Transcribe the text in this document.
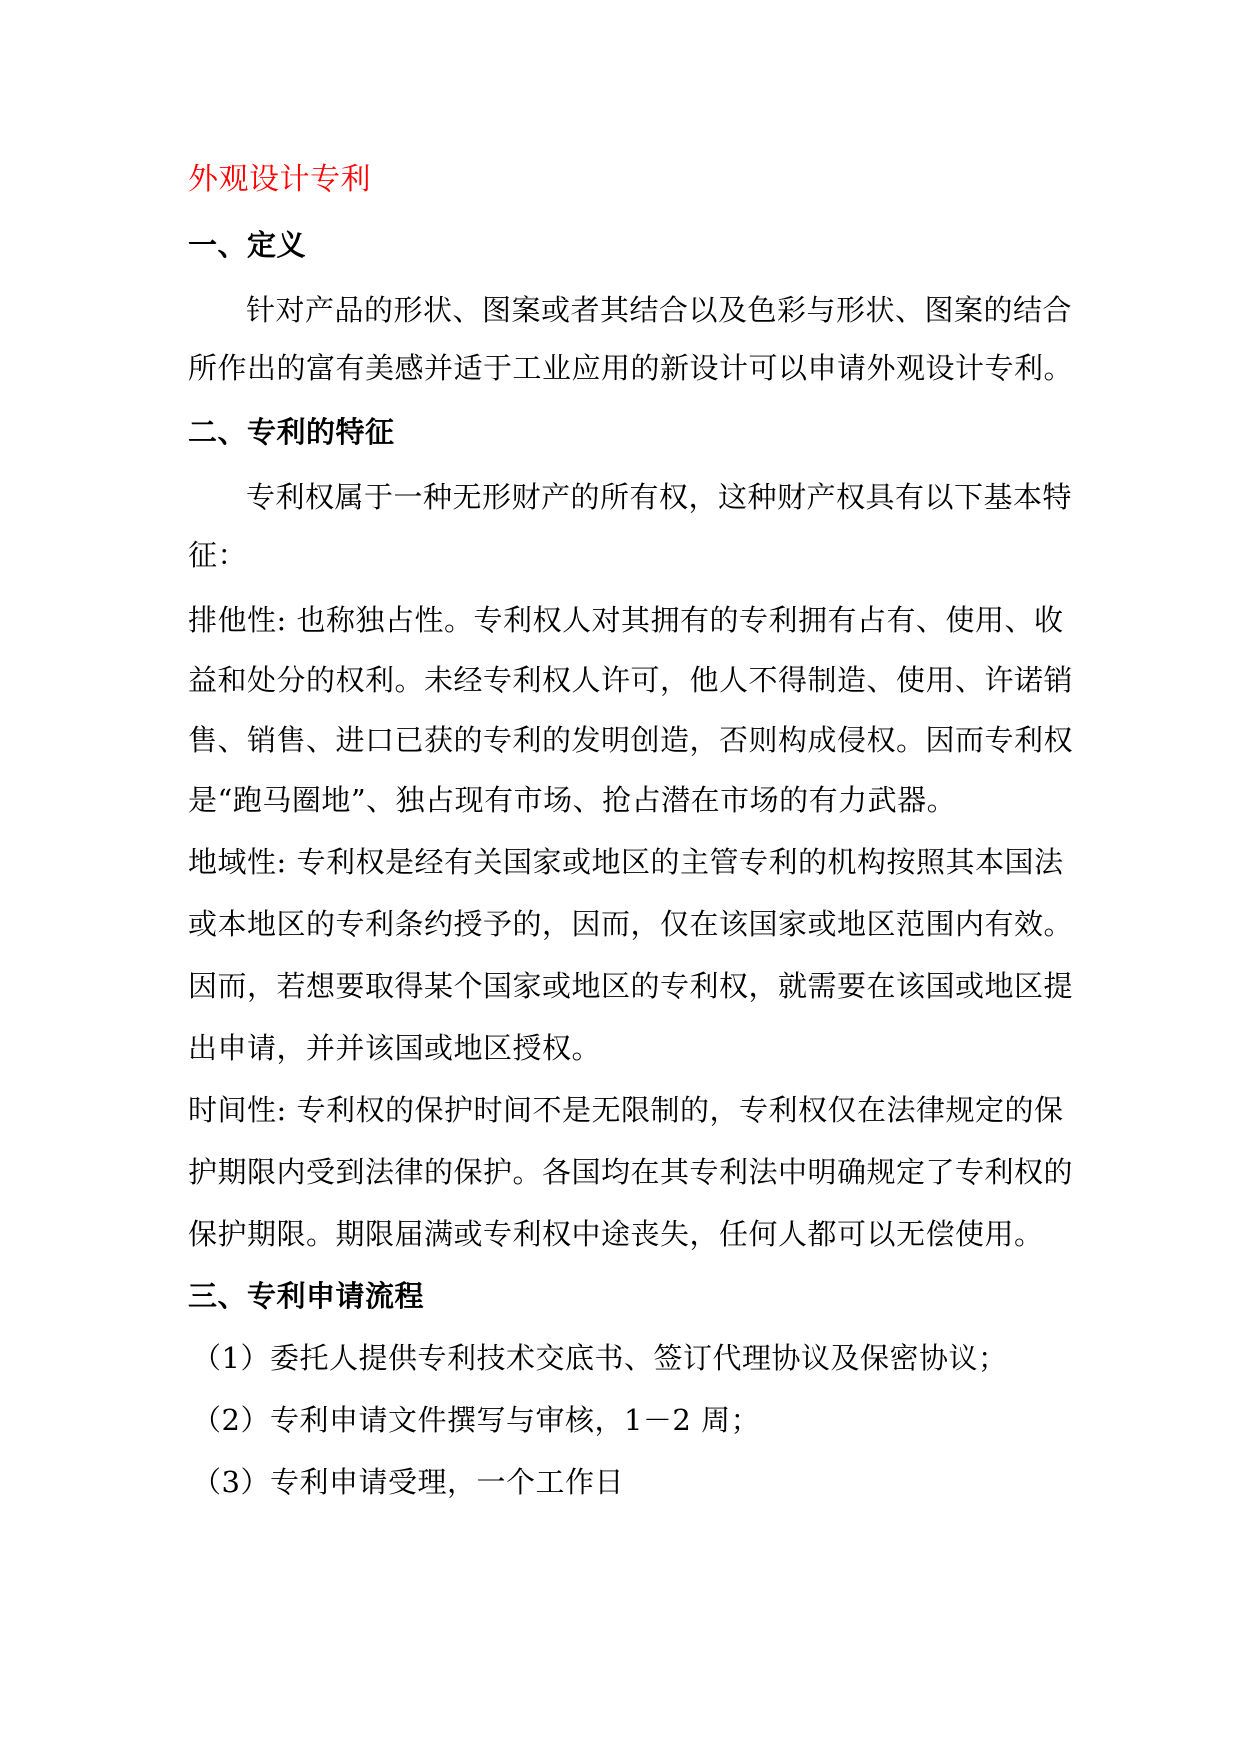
外观设计专利
一、定义
针对产品的形状、图案或者其结合以及色彩与形状、图案的结合
所作出的富有美感并适于工业应用的新设计可以申请外观设计专利。
二、专利的特征
专利权属于一种无形财产的所有权，这种财产权具有以下基本特
征：
排他性: 也称独占性。专利权人对其拥有的专利拥有占有、使用、收
益和处分的权利。未经专利权人许可，他人不得制造、使用、许诺销
售、销售、进口已获的专利的发明创造，否则构成侵权。因而专利权
是“跑马圈地”、独占现有市场、抢占潜在市场的有力武器。
地域性: 专利权是经有关国家或地区的主管专利的机构按照其本国法
或本地区的专利条约授予的，因而，仅在该国家或地区范围内有效。
因而，若想要取得某个国家或地区的专利权，就需要在该国或地区提
出申请，并并该国或地区授权。
时间性: 专利权的保护时间不是无限制的，专利权仅在法律规定的保
护期限内受到法律的保护。各国均在其专利法中明确规定了专利权的
保护期限。期限届满或专利权中途丧失，任何人都可以无偿使用。
三、专利申请流程
（1）委托人提供专利技术交底书、签订代理协议及保密协议；
（2）专利申请文件撰写与审核，1－2 周；
（3）专利申请受理，一个工作日
